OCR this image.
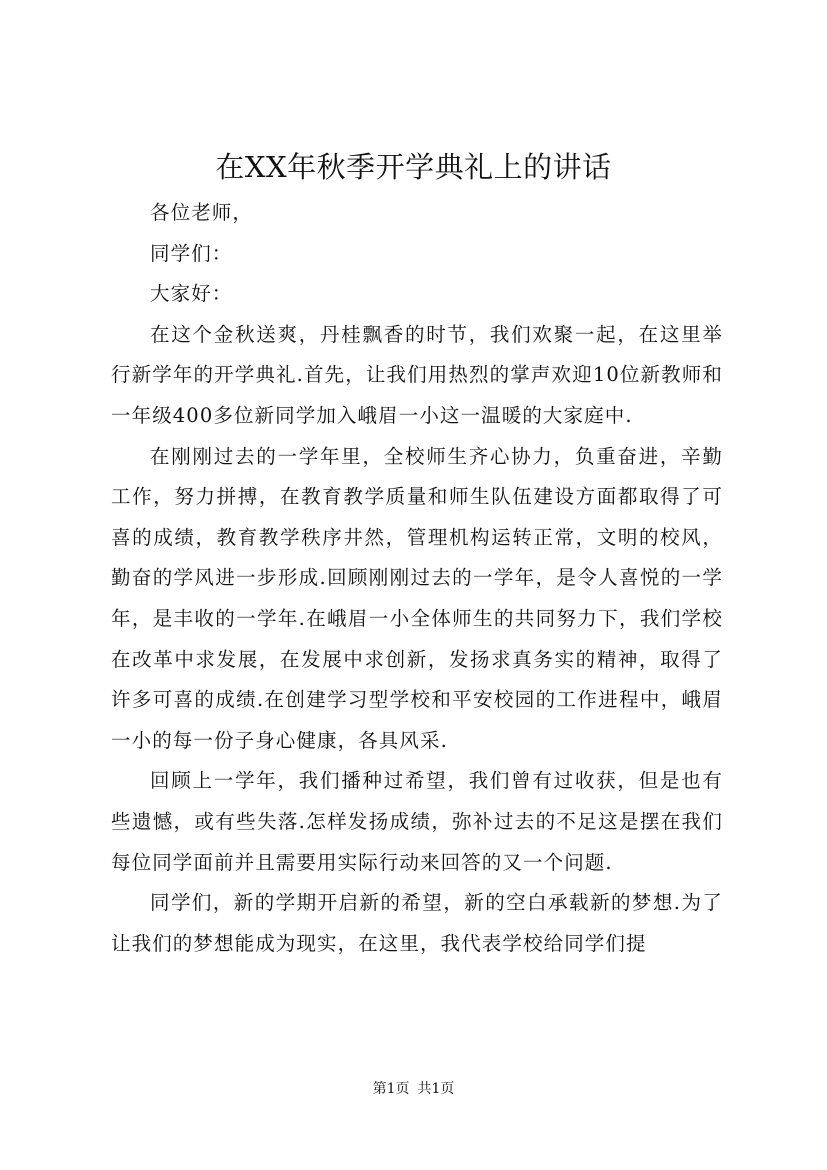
在XX年秋季开学典礼上的讲话

各位老师，

同学们：

大家好：

在这个金秋送爽，丹桂飘香的时节，我们欢聚一起，在这里举行新学年的开学典礼.首先，让我们用热烈的掌声欢迎10位新教师和一年级400多位新同学加入峨眉一小这一温暖的大家庭中.

在刚刚过去的一学年里，全校师生齐心协力，负重奋进，辛勤工作，努力拼搏，在教育教学质量和师生队伍建设方面都取得了可喜的成绩，教育教学秩序井然，管理机构运转正常，文明的校风，勤奋的学风进一步形成.回顾刚刚过去的一学年，是令人喜悦的一学年，是丰收的一学年.在峨眉一小全体师生的共同努力下，我们学校在改革中求发展，在发展中求创新，发扬求真务实的精神，取得了许多可喜的成绩.在创建学习型学校和平安校园的工作进程中，峨眉一小的每一份子身心健康，各具风采.

回顾上一学年，我们播种过希望，我们曾有过收获，但是也有些遗憾，或有些失落.怎样发扬成绩，弥补过去的不足这是摆在我们每位同学面前并且需要用实际行动来回答的又一个问题.

同学们，新的学期开启新的希望，新的空白承载新的梦想.为了让我们的梦想能成为现实，在这里，我代表学校给同学们提

第1页 共1页
